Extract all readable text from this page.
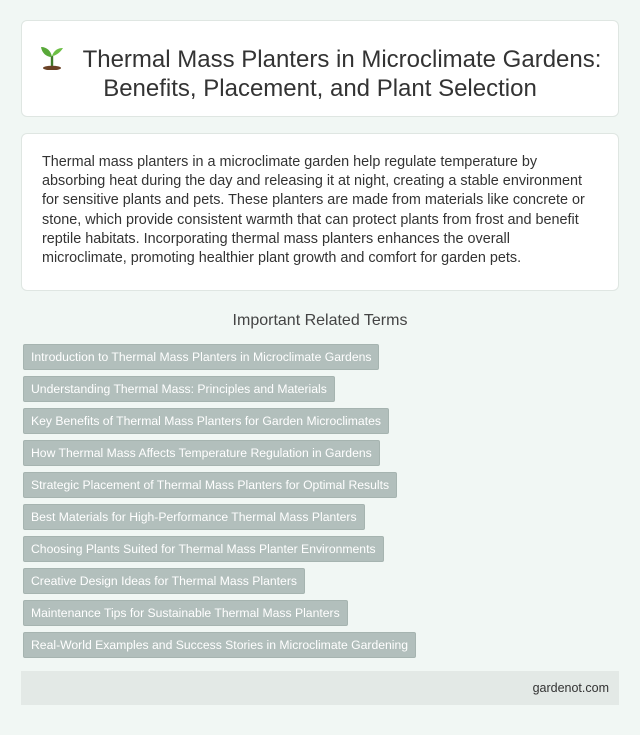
Thermal Mass Planters in Microclimate Gardens: Benefits, Placement, and Plant Selection

Thermal mass planters in a microclimate garden help regulate temperature by absorbing heat during the day and releasing it at night, creating a stable environment for sensitive plants and pets. These planters are made from materials like concrete or stone, which provide consistent warmth that can protect plants from frost and benefit reptile habitats. Incorporating thermal mass planters enhances the overall microclimate, promoting healthier plant growth and comfort for garden pets.

Important Related Terms
Introduction to Thermal Mass Planters in Microclimate Gardens
Understanding Thermal Mass: Principles and Materials
Key Benefits of Thermal Mass Planters for Garden Microclimates
How Thermal Mass Affects Temperature Regulation in Gardens
Strategic Placement of Thermal Mass Planters for Optimal Results
Best Materials for High-Performance Thermal Mass Planters
Choosing Plants Suited for Thermal Mass Planter Environments
Creative Design Ideas for Thermal Mass Planters
Maintenance Tips for Sustainable Thermal Mass Planters
Real-World Examples and Success Stories in Microclimate Gardening
gardenot.com
